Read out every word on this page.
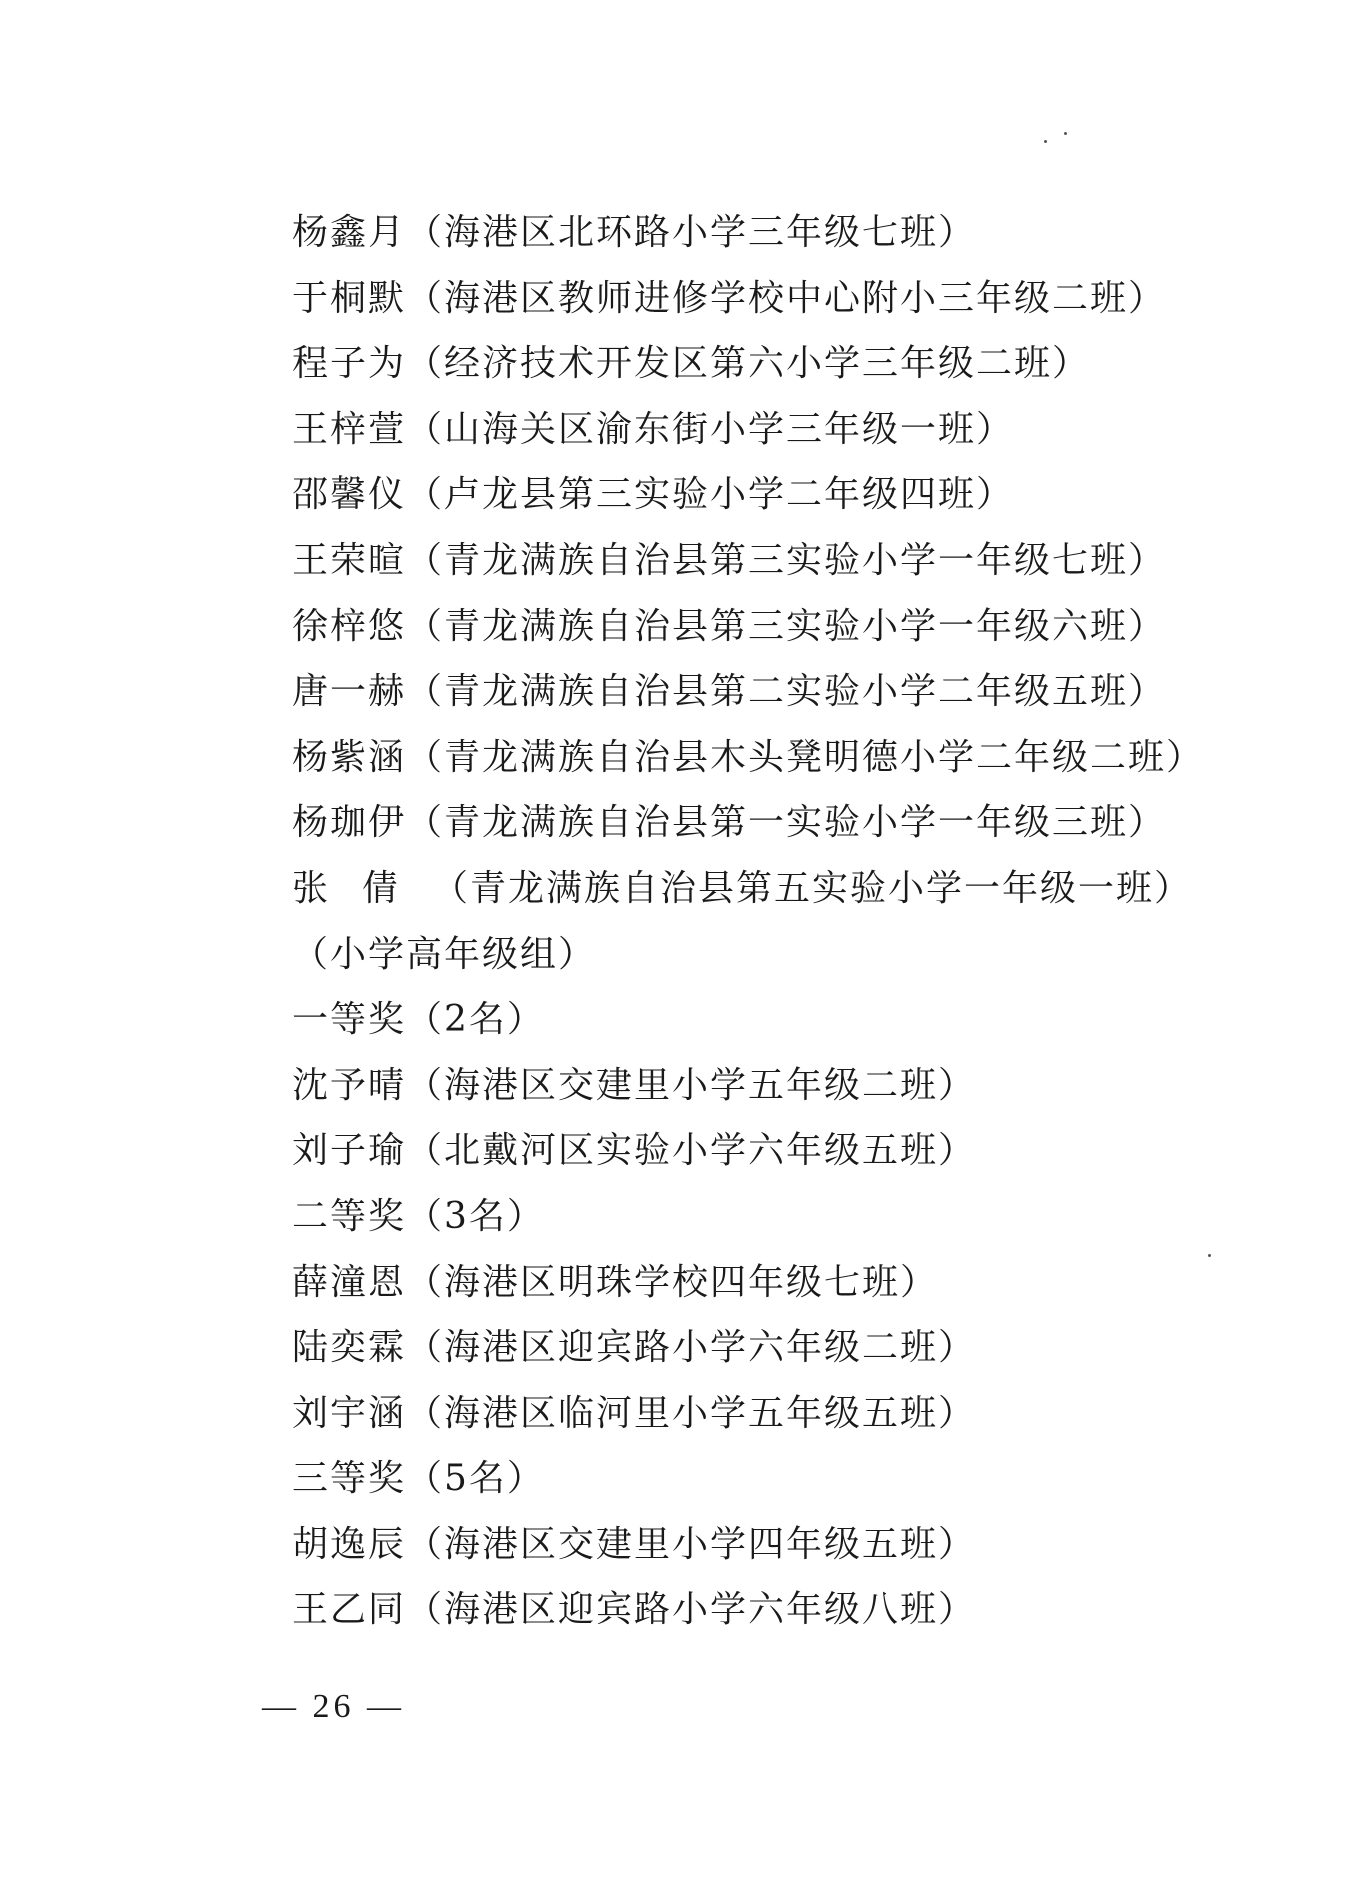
杨鑫月（海港区北环路小学三年级七班）
于桐默（海港区教师进修学校中心附小三年级二班）
程子为（经济技术开发区第六小学三年级二班）
王梓萱（山海关区渝东街小学三年级一班）
邵馨仪（卢龙县第三实验小学二年级四班）
王荣暄（青龙满族自治县第三实验小学一年级七班）
徐梓悠（青龙满族自治县第三实验小学一年级六班）
唐一赫（青龙满族自治县第二实验小学二年级五班）
杨紫涵（青龙满族自治县木头凳明德小学二年级二班）
杨珈伊（青龙满族自治县第一实验小学一年级三班）
张倩（青龙满族自治县第五实验小学一年级一班）
（小学高年级组）
一等奖（2名）
沈予晴（海港区交建里小学五年级二班）
刘子瑜（北戴河区实验小学六年级五班）
二等奖（3名）
薛潼恩（海港区明珠学校四年级七班）
陆奕霖（海港区迎宾路小学六年级二班）
刘宇涵（海港区临河里小学五年级五班）
三等奖（5名）
胡逸辰（海港区交建里小学四年级五班）
王乙同（海港区迎宾路小学六年级八班）
— 26 —
